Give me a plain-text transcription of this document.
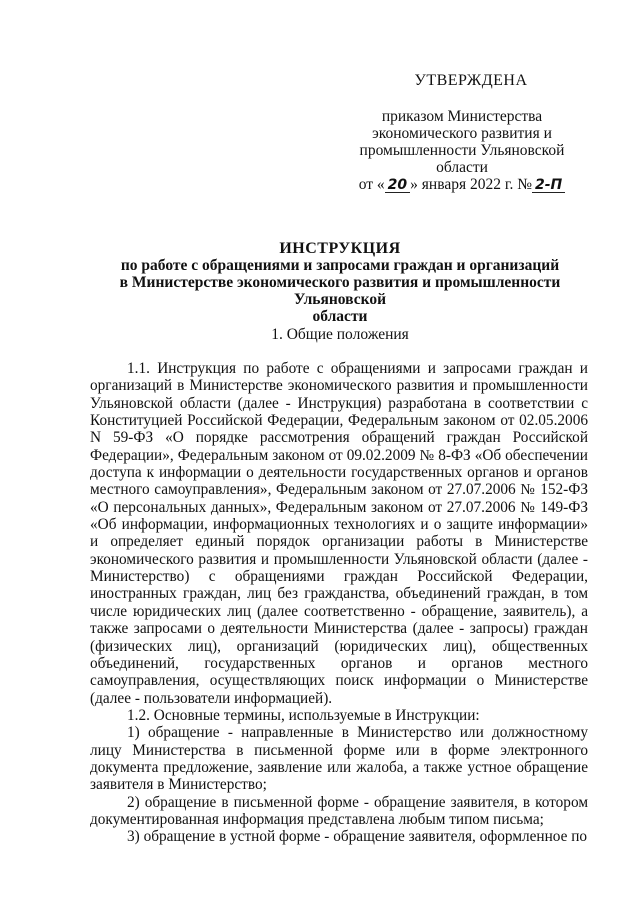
УТВЕРЖДЕНА
приказом Министерства
экономического развития и
промышленности Ульяновской
области
от « 20 » января 2022 г. № 2-П
ИНСТРУКЦИЯ
по работе с обращениями и запросами граждан и организаций
в Министерстве экономического развития и промышленности Ульяновской
области
1. Общие положения

1.1. Инструкция по работе с обращениями и запросами граждан и организаций в Министерстве экономического развития и промышленности Ульяновской области (далее - Инструкция) разработана в соответствии с Конституцией Российской Федерации, Федеральным законом от 02.05.2006 N 59-ФЗ «О порядке рассмотрения обращений граждан Российской Федерации», Федеральным законом от 09.02.2009 № 8-ФЗ «Об обеспечении доступа к информации о деятельности государственных органов и органов местного самоуправления», Федеральным законом от 27.07.2006 № 152-ФЗ «О персональных данных», Федеральным законом от 27.07.2006 № 149-ФЗ «Об информации, информационных технологиях и о защите информации» и определяет единый порядок организации работы в Министерстве экономического развития и промышленности Ульяновской области (далее - Министерство) с обращениями граждан Российской Федерации, иностранных граждан, лиц без гражданства, объединений граждан, в том числе юридических лиц (далее соответственно - обращение, заявитель), а также запросами о деятельности Министерства (далее - запросы) граждан (физических лиц), организаций (юридических лиц), общественных объединений, государственных органов и органов местного самоуправления, осуществляющих поиск информации о Министерстве (далее - пользователи информацией).

1.2. Основные термины, используемые в Инструкции:

1) обращение - направленные в Министерство или должностному лицу Министерства в письменной форме или в форме электронного документа предложение, заявление или жалоба, а также устное обращение заявителя в Министерство;

2) обращение в письменной форме - обращение заявителя, в котором документированная информация представлена любым типом письма;

3) обращение в устной форме - обращение заявителя, оформленное по
